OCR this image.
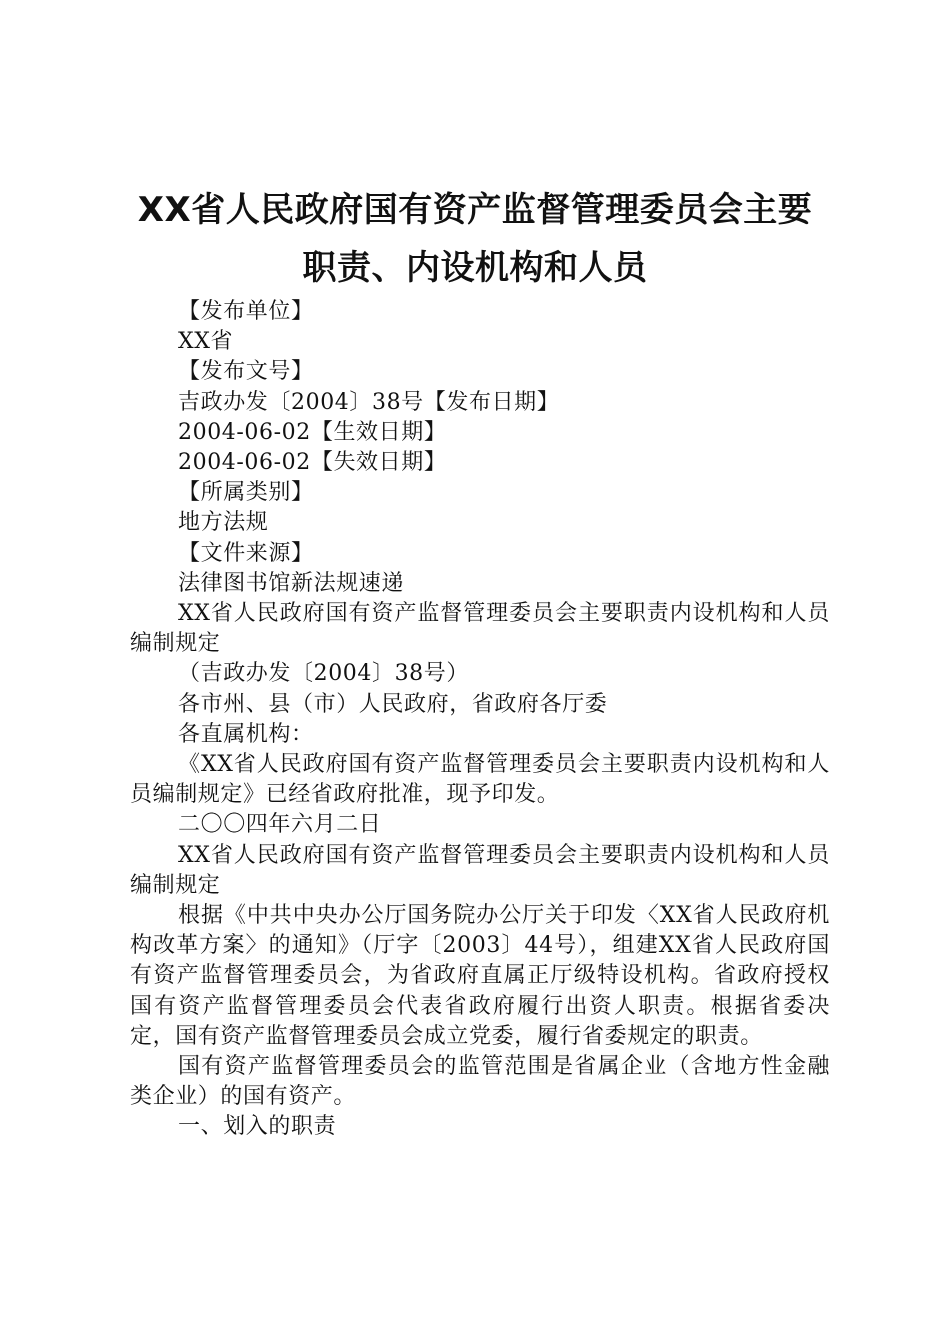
XX省人民政府国有资产监督管理委员会主要
职责、内设机构和人员

【发布单位】

XX省

【发布文号】

吉政办发〔2004〕38号【发布日期】

2004-06-02【生效日期】

2004-06-02【失效日期】

【所属类别】

地方法规

【文件来源】

法律图书馆新法规速递

XX省人民政府国有资产监督管理委员会主要职责内设机构和人员编制规定

（吉政办发〔2004〕38号）

各市州、县（市）人民政府，省政府各厅委

各直属机构：

《XX省人民政府国有资产监督管理委员会主要职责内设机构和人员编制规定》已经省政府批准，现予印发。

二〇〇四年六月二日

XX省人民政府国有资产监督管理委员会主要职责内设机构和人员编制规定

根据《中共中央办公厅国务院办公厅关于印发〈XX省人民政府机构改革方案〉的通知》（厅字〔2003〕44号），组建XX省人民政府国有资产监督管理委员会，为省政府直属正厅级特设机构。省政府授权国有资产监督管理委员会代表省政府履行出资人职责。根据省委决定，国有资产监督管理委员会成立党委，履行省委规定的职责。

国有资产监督管理委员会的监管范围是省属企业（含地方性金融类企业）的国有资产。

一、划入的职责
